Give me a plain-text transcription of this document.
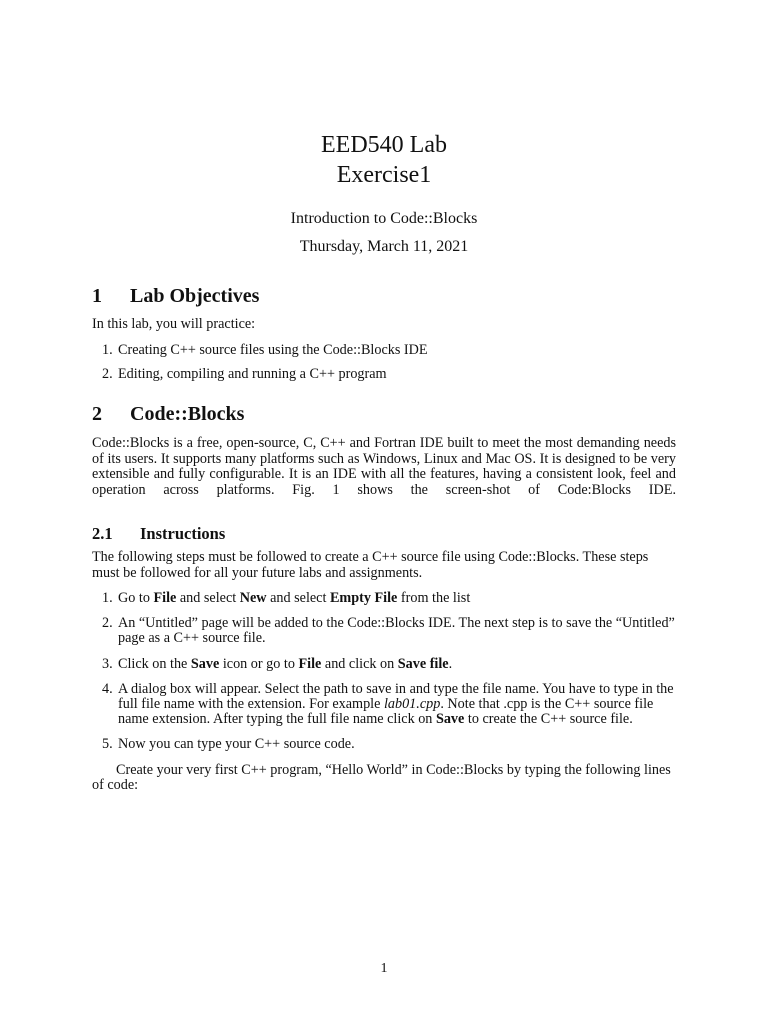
EED540 Lab
Exercise1
Introduction to Code::Blocks
Thursday, March 11, 2021
1 Lab Objectives

In this lab, you will practice:

1. Creating C++ source files using the Code::Blocks IDE
2. Editing, compiling and running a C++ program
2 Code::Blocks

Code::Blocks is a free, open-source, C, C++ and Fortran IDE built to meet the most demanding needs of its users. It supports many platforms such as Windows, Linux and Mac OS. It is designed to be very extensible and fully configurable. It is an IDE with all the features, having a consistent look, feel and operation across platforms. Fig. 1 shows the screen-shot of Code:Blocks IDE.

2.1 Instructions

The following steps must be followed to create a C++ source file using Code::Blocks. These steps must be followed for all your future labs and assignments.

1. Go to File and select New and select Empty File from the list
2. An “Untitled” page will be added to the Code::Blocks IDE. The next step is to save the “Untitled” page as a C++ source file.
3. Click on the Save icon or go to File and click on Save file.
4. A dialog box will appear. Select the path to save in and type the file name. You have to type in the full file name with the extension. For example lab01.cpp. Note that .cpp is the C++ source file name extension. After typing the full file name click on Save to create the C++ source file.
5. Now you can type your C++ source code.

Create your very first C++ program, “Hello World” in Code::Blocks by typing the following lines of code:

1
